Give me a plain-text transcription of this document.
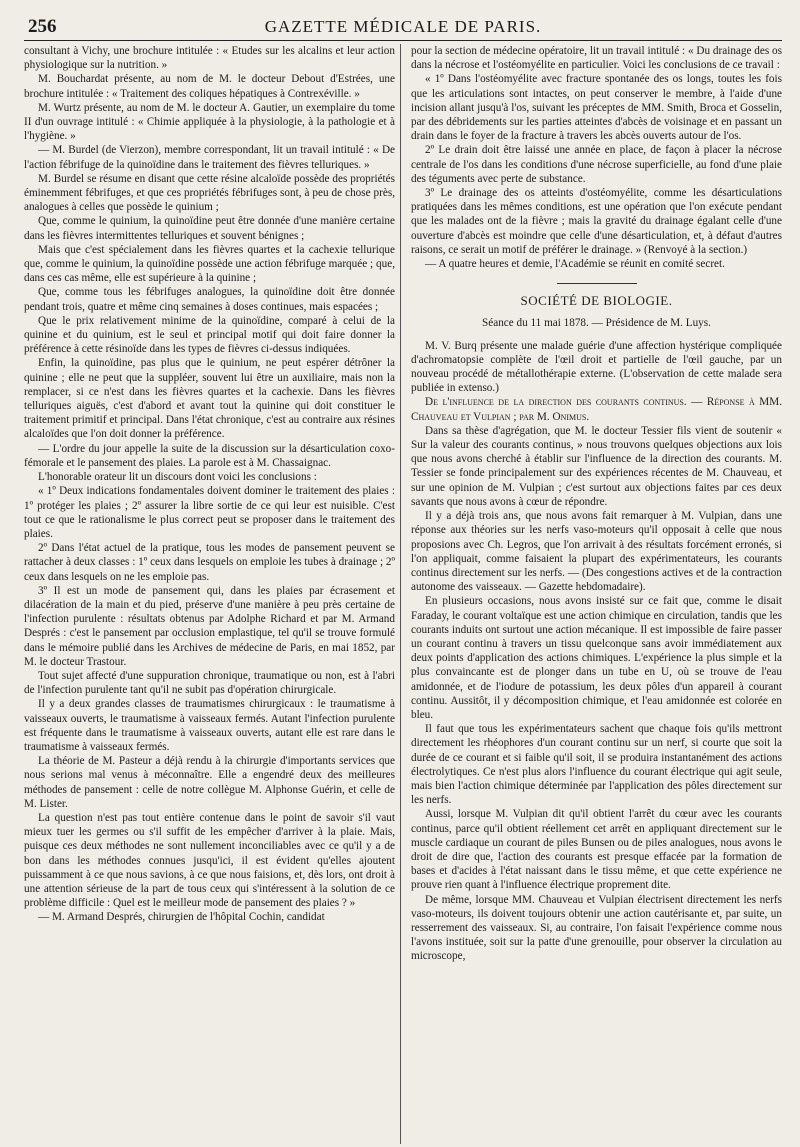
256	GAZETTE MÉDICALE DE PARIS.

consultant à Vichy, une brochure intitulée : « Etudes sur les alcalins et leur action physiologique sur la nutrition. »

M. Bouchardat présente, au nom de M. le docteur Debout d'Estrées, une brochure intitulée : « Traitement des coliques hépatiques à Contrexéville. »

M. Wurtz présente, au nom de M. le docteur A. Gautier, un exemplaire du tome II d'un ouvrage intitulé : « Chimie appliquée à la physiologie, à la pathologie et à l'hygiène. »

— M. Burdel (de Vierzon), membre correspondant, lit un travail intitulé : « De l'action fébrifuge de la quinoïdine dans le traitement des fièvres telluriques. »

M. Burdel se résume en disant que cette résine alcaloïde possède des propriétés éminemment fébrifuges, et que ces propriétés fébrifuges sont, à peu de chose près, analogues à celles que possède le quinium ;

Que, comme le quinium, la quinoïdine peut être donnée d'une manière certaine dans les fièvres intermittentes telluriques et souvent bénignes ;

Mais que c'est spécialement dans les fièvres quartes et la cachexie tellurique que, comme le quinium, la quinoïdine possède une action fébrifuge marquée ; que, dans ces cas même, elle est supérieure à la quinine ;

Que, comme tous les fébrifuges analogues, la quinoïdine doit être donnée pendant trois, quatre et même cinq semaines à doses continues, mais espacées ;

Que le prix relativement minime de la quinoïdine, comparé à celui de la quinine et du quinium, est le seul et principal motif qui doit faire donner la préférence à cette résinoïde dans les types de fièvres ci-dessus indiquées.

Enfin, la quinoïdine, pas plus que le quinium, ne peut espérer détrôner la quinine ; elle ne peut que la suppléer, souvent lui être un auxiliaire, mais non la remplacer, si ce n'est dans les fièvres quartes et la cachexie. Dans les fièvres telluriques aiguës, c'est d'abord et avant tout la quinine qui doit constituer le traitement primitif et principal. Dans l'état chronique, c'est au contraire aux résines alcaloïdes que l'on doit donner la préférence.

— L'ordre du jour appelle la suite de la discussion sur la désarticulation coxo-fémorale et le pansement des plaies. La parole est à M. Chassaignac.

L'honorable orateur lit un discours dont voici les conclusions :

« 1º Deux indications fondamentales doivent dominer le traitement des plaies : 1º protéger les plaies ; 2º assurer la libre sortie de ce qui leur est nuisible. C'est tout ce que le rationalisme le plus correct peut se proposer dans le traitement des plaies.

2º Dans l'état actuel de la pratique, tous les modes de pansement peuvent se rattacher à deux classes : 1º ceux dans lesquels on emploie les tubes à drainage ; 2º ceux dans lesquels on ne les emploie pas.

3º Il est un mode de pansement qui, dans les plaies par écrasement et dilacération de la main et du pied, préserve d'une manière à peu près certaine de l'infection purulente : résultats obtenus par Adolphe Richard et par M. Armand Després : c'est le pansement par occlusion emplastique, tel qu'il se trouve formulé dans le mémoire publié dans les Archives de médecine de Paris, en mai 1852, par M. le docteur Trastour.

Tout sujet affecté d'une suppuration chronique, traumatique ou non, est à l'abri de l'infection purulente tant qu'il ne subit pas d'opération chirurgicale.

Il y a deux grandes classes de traumatismes chirurgicaux : le traumatisme à vaisseaux ouverts, le traumatisme à vaisseaux fermés. Autant l'infection purulente est fréquente dans le traumatisme à vaisseaux ouverts, autant elle est rare dans le traumatisme à vaisseaux fermés.

La théorie de M. Pasteur a déjà rendu à la chirurgie d'importants services que nous serions mal venus à méconnaître. Elle a engendré deux des meilleures méthodes de pansement : celle de notre collègue M. Alphonse Guérin, et celle de M. Lister.

La question n'est pas tout entière contenue dans le point de savoir s'il vaut mieux tuer les germes ou s'il suffit de les empêcher d'arriver à la plaie. Mais, puisque ces deux méthodes ne sont nullement inconciliables avec ce qu'il y a de bon dans les méthodes connues jusqu'ici, il est évident qu'elles ajoutent puissamment à ce que nous savions, à ce que nous faisions, et, dès lors, ont droit à une attention sérieuse de la part de tous ceux qui s'intéressent à la solution de ce problème difficile : Quel est le meilleur mode de pansement des plaies ? »

— M. Armand Després, chirurgien de l'hôpital Cochin, candidat

pour la section de médecine opératoire, lit un travail intitulé : « Du drainage des os dans la nécrose et l'ostéomyélite en particulier. Voici les conclusions de ce travail :

« 1º Dans l'ostéomyélite avec fracture spontanée des os longs, toutes les fois que les articulations sont intactes, on peut conserver le membre, à l'aide d'une incision allant jusqu'à l'os, suivant les préceptes de MM. Smith, Broca et Gosselin, par des débridements sur les parties atteintes d'abcès de voisinage et en passant un drain dans le foyer de la fracture à travers les abcès ouverts autour de l'os.

2º Le drain doit être laissé une année en place, de façon à placer la nécrose centrale de l'os dans les conditions d'une nécrose superficielle, au fond d'une plaie des téguments avec perte de substance.

3º Le drainage des os atteints d'ostéomyélite, comme les désarticulations pratiquées dans les mêmes conditions, est une opération que l'on exécute pendant que les malades ont de la fièvre ; mais la gravité du drainage égalant celle d'une ouverture d'abcès est moindre que celle d'une désarticulation, et, à défaut d'autres raisons, ce serait un motif de préférer le drainage. » (Renvoyé à la section.)

— A quatre heures et demie, l'Académie se réunit en comité secret.

SOCIÉTÉ DE BIOLOGIE.
Séance du 11 mai 1878. — Présidence de M. Luys.

M. V. Burq présente une malade guérie d'une affection hystérique compliquée d'achromatopsie complète de l'œil droit et partielle de l'œil gauche, par un nouveau procédé de métallothérapie externe. (L'observation de cette malade sera publiée in extenso.)

De l'influence de la direction des courants continus. — Réponse à MM. Chauveau et Vulpian ; par M. Onimus.

Dans sa thèse d'agrégation, que M. le docteur Tessier fils vient de soutenir « Sur la valeur des courants continus, » nous trouvons quelques objections aux lois que nous avons cherché à établir sur l'influence de la direction des courants. M. Tessier se fonde principalement sur des expériences récentes de M. Chauveau, et sur une opinion de M. Vulpian ; c'est surtout aux objections faites par ces deux savants que nous avons à cœur de répondre.

Il y a déjà trois ans, que nous avons fait remarquer à M. Vulpian, dans une réponse aux théories sur les nerfs vaso-moteurs qu'il opposait à celle que nous proposions avec Ch. Legros, que l'on arrivait à des résultats forcément erronés, si l'on appliquait, comme faisaient la plupart des expérimentateurs, les courants continus directement sur les nerfs. — (Des congestions actives et de la contraction autonome des vaisseaux. — Gazette hebdomadaire).

En plusieurs occasions, nous avons insisté sur ce fait que, comme le disait Faraday, le courant voltaïque est une action chimique en circulation, tandis que les courants induits ont surtout une action mécanique. Il est impossible de faire passer un courant continu à travers un tissu quelconque sans avoir immédiatement aux deux points d'application des actions chimiques. L'expérience la plus simple et la plus convaincante est de plonger dans un tube en U, où se trouve de l'eau amidonnée, et de l'iodure de potassium, les deux pôles d'un appareil à courant continu. Aussitôt, il y décomposition chimique, et l'eau amidonnée est colorée en bleu.

Il faut que tous les expérimentateurs sachent que chaque fois qu'ils mettront directement les rhéophores d'un courant continu sur un nerf, si courte que soit la durée de ce courant et si faible qu'il soit, il se produira instantanément des actions électrolytiques. Ce n'est plus alors l'influence du courant électrique qui agit seule, mais bien l'action chimique déterminée par l'application des pôles directement sur les nerfs.

Aussi, lorsque M. Vulpian dit qu'il obtient l'arrêt du cœur avec les courants continus, parce qu'il obtient réellement cet arrêt en appliquant directement sur le muscle cardiaque un courant de piles Bunsen ou de piles analogues, nous avons le droit de dire que, l'action des courants est presque effacée par la formation de bases et d'acides à l'état naissant dans le tissu même, et que cette expérience ne prouve rien quant à l'influence électrique proprement dite.

De même, lorsque MM. Chauveau et Vulpian électrisent directement les nerfs vaso-moteurs, ils doivent toujours obtenir une action cautérisante et, par suite, un resserrement des vaisseaux. Si, au contraire, l'on faisait l'expérience comme nous l'avons instituée, soit sur la patte d'une grenouille, pour observer la circulation au microscope,
